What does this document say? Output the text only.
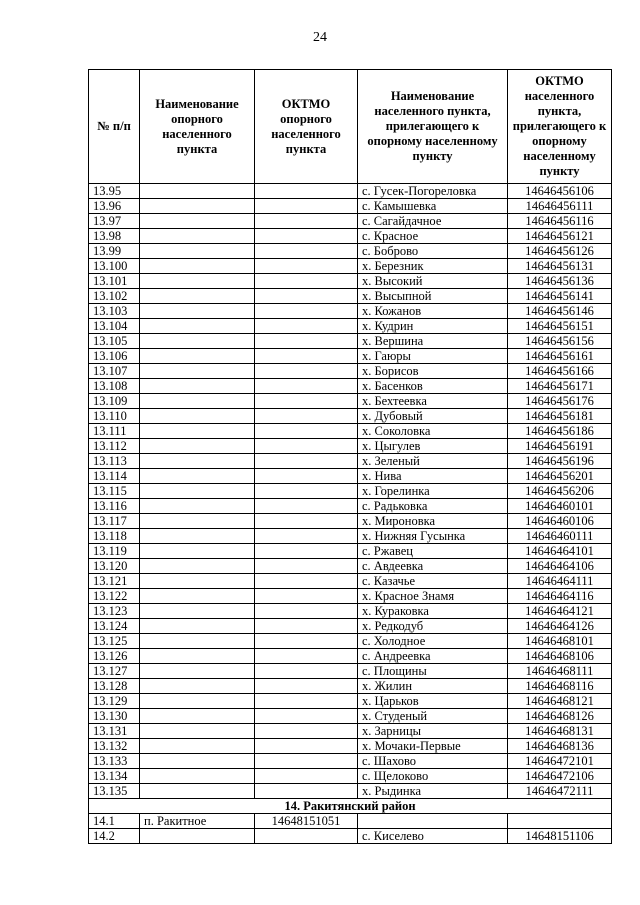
24
№ п/п	Наименование опорного населенного пункта	ОКТМО опорного населенного пункта	Наименование населенного пункта, прилегающего к опорному населенному пункту	ОКТМО населенного пункта, прилегающего к опорному населенному пункту
13.95			с. Гусек-Погореловка	14646456106
13.96			с. Камышевка	14646456111
13.97			с. Сагайдачное	14646456116
13.98			с. Красное	14646456121
13.99			с. Боброво	14646456126
13.100			х. Березник	14646456131
13.101			х. Высокий	14646456136
13.102			х. Высыпной	14646456141
13.103			х. Кожанов	14646456146
13.104			х. Кудрин	14646456151
13.105			х. Вершина	14646456156
13.106			х. Гаюры	14646456161
13.107			х. Борисов	14646456166
13.108			х. Басенков	14646456171
13.109			х. Бехтеевка	14646456176
13.110			х. Дубовый	14646456181
13.111			х. Соколовка	14646456186
13.112			х. Цыгулев	14646456191
13.113			х. Зеленый	14646456196
13.114			х. Нива	14646456201
13.115			х. Горелинка	14646456206
13.116			с. Радьковка	14646460101
13.117			х. Мироновка	14646460106
13.118			х. Нижняя Гусынка	14646460111
13.119			с. Ржавец	14646464101
13.120			с. Авдеевка	14646464106
13.121			с. Казачье	14646464111
13.122			х. Красное Знамя	14646464116
13.123			х. Кураковка	14646464121
13.124			х. Редкодуб	14646464126
13.125			с. Холодное	14646468101
13.126			с. Андреевка	14646468106
13.127			с. Площины	14646468111
13.128			х. Жилин	14646468116
13.129			х. Царьков	14646468121
13.130			х. Студеный	14646468126
13.131			х. Зарницы	14646468131
13.132			х. Мочаки-Первые	14646468136
13.133			с. Шахово	14646472101
13.134			с. Щелоково	14646472106
13.135			х. Рыдинка	14646472111
14. Ракитянский район				
14.1	п. Ракитное	14648151051		
14.2			с. Киселево	14648151106
